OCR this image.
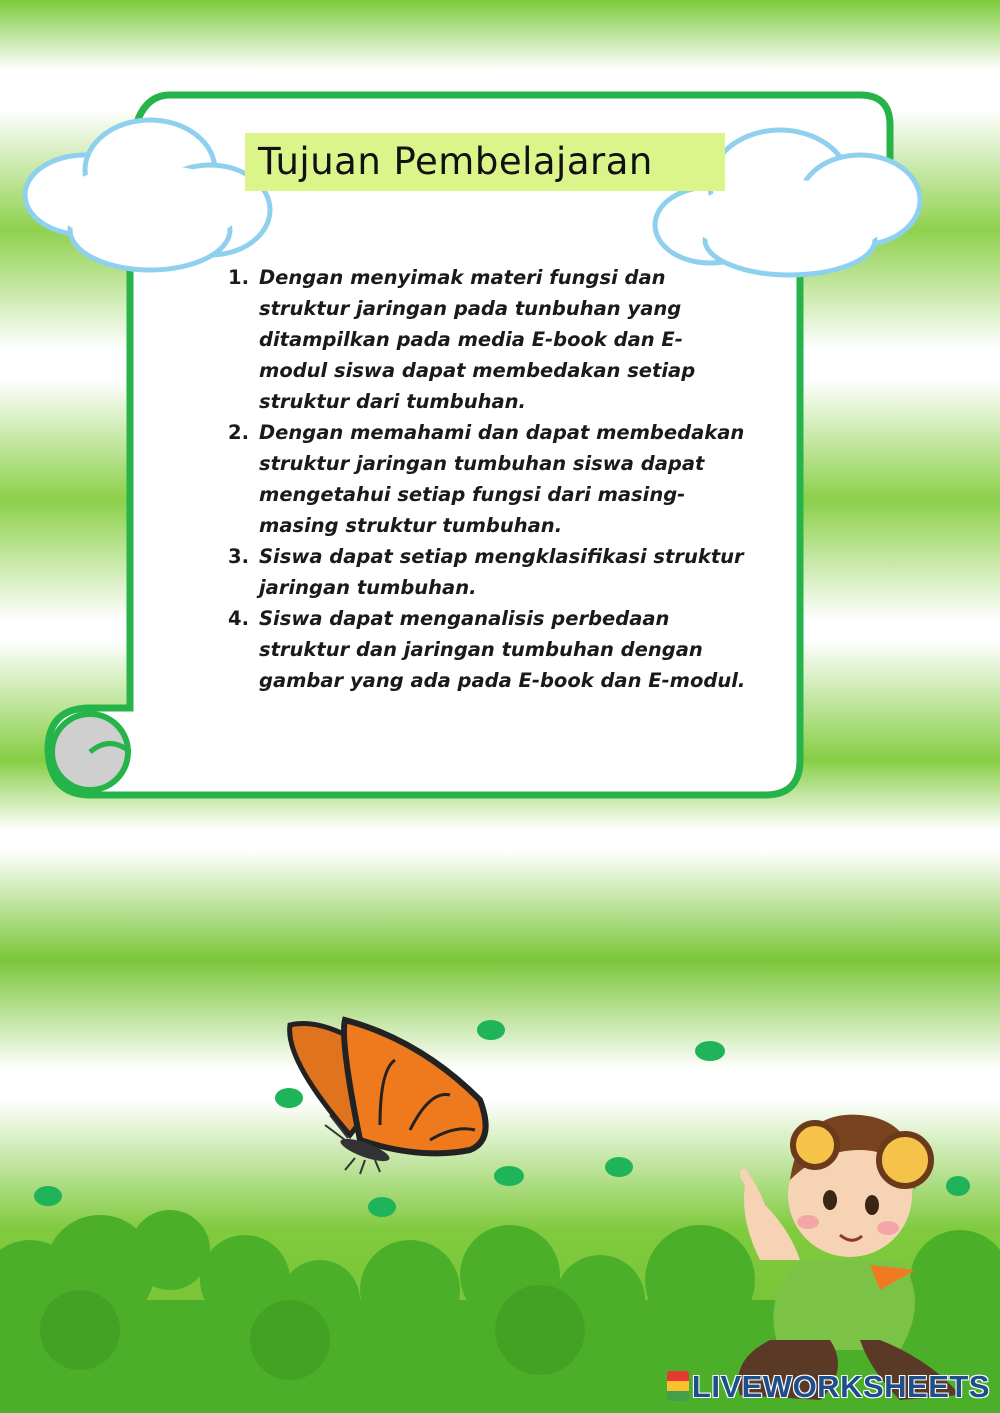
Tujuan Pembelajaran
1. Dengan menyimak materi fungsi dan struktur jaringan pada tunbuhan yang ditampilkan pada media E-book dan E-modul siswa dapat membedakan setiap struktur dari tumbuhan.
2. Dengan memahami dan dapat membedakan struktur jaringan tumbuhan siswa dapat mengetahui setiap fungsi dari masing-masing struktur tumbuhan.
3. Siswa dapat setiap mengklasifikasi struktur jaringan tumbuhan.
4. Siswa dapat menganalisis perbedaan struktur dan jaringan tumbuhan dengan gambar yang ada pada E-book dan E-modul.
LIVEWORKSHEETS
